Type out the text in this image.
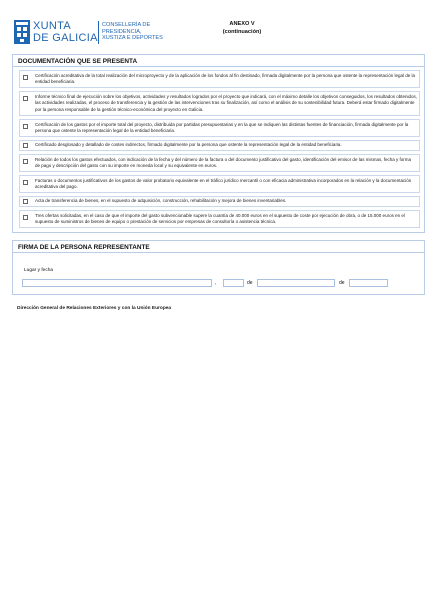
XUNTA
DE GALICIA
CONSELLERÍA DE
PRESIDENCIA,
XUSTIZA E DEPORTES
ANEXO V
(continuación)
DOCUMENTACIÓN QUE SE PRESENTA
Certificación acreditativa de la total realización del microproyecto y de la aplicación de los fondos al fin destinado, firmada digitalmente por la persona que ostente la representación legal de la entidad beneficiaria.
Informe técnico final de ejecución sobre los objetivos, actividades y resultados logrados por el proyecto que indicará, con el máximo detalle los objetivos conseguidos, los resultados obtenidos, las actividades realizadas, el proceso de transferencia y la gestión de las intervenciones tras su finalización, así como el análisis de su sostenibilidad futura. Deberá estar firmado digitalmente por la persona responsable de la gestión técnico-económica del proyecto en Galicia.
Certificación de los gastos por el importe total del proyecto, distribuida por partidas presupuestarias y en la que se indiquen las distintas fuentes de financiación, firmada digitalmente por la persona que ostente la representación legal de la entidad beneficiaria.
Certificado desglosado y detallado de costes indirectos, firmado digitalmente por la persona que ostente la representación legal de la entidad beneficiaria.
Relación de todos los gastos efectuados, con indicación de la fecha y del número de la factura o del documento justificativo del gasto, identificación del emisor de las mismas, fecha y forma de pago y descripción del gasto con su importe en moneda local y su equivalente en euros.
Facturas o documentos justificativos de los gastos de valor probatorio equivalente en el tráfico jurídico mercantil o con eficacia administrativa incorporados en la relación y la documentación acreditativa del pago.
Acta de transferencia de bienes, en el supuesto de adquisición, construcción, rehabilitación y mejora de bienes inventariables.
Tres ofertas solicitadas, en el caso de que el importe del gasto subvencionable supere la cuantía de 40.000 euros en el supuesto de coste por ejecución de obra, o de 15.000 euros en el supuesto de suministros de bienes de equipo o prestación de servicios por empresas de consultoría o asistencia técnica.
FIRMA DE LA PERSONA REPRESENTANTE
Lugar y fecha
,	de	de
Dirección General de Relaciones Exteriores y con la Unión Europea
